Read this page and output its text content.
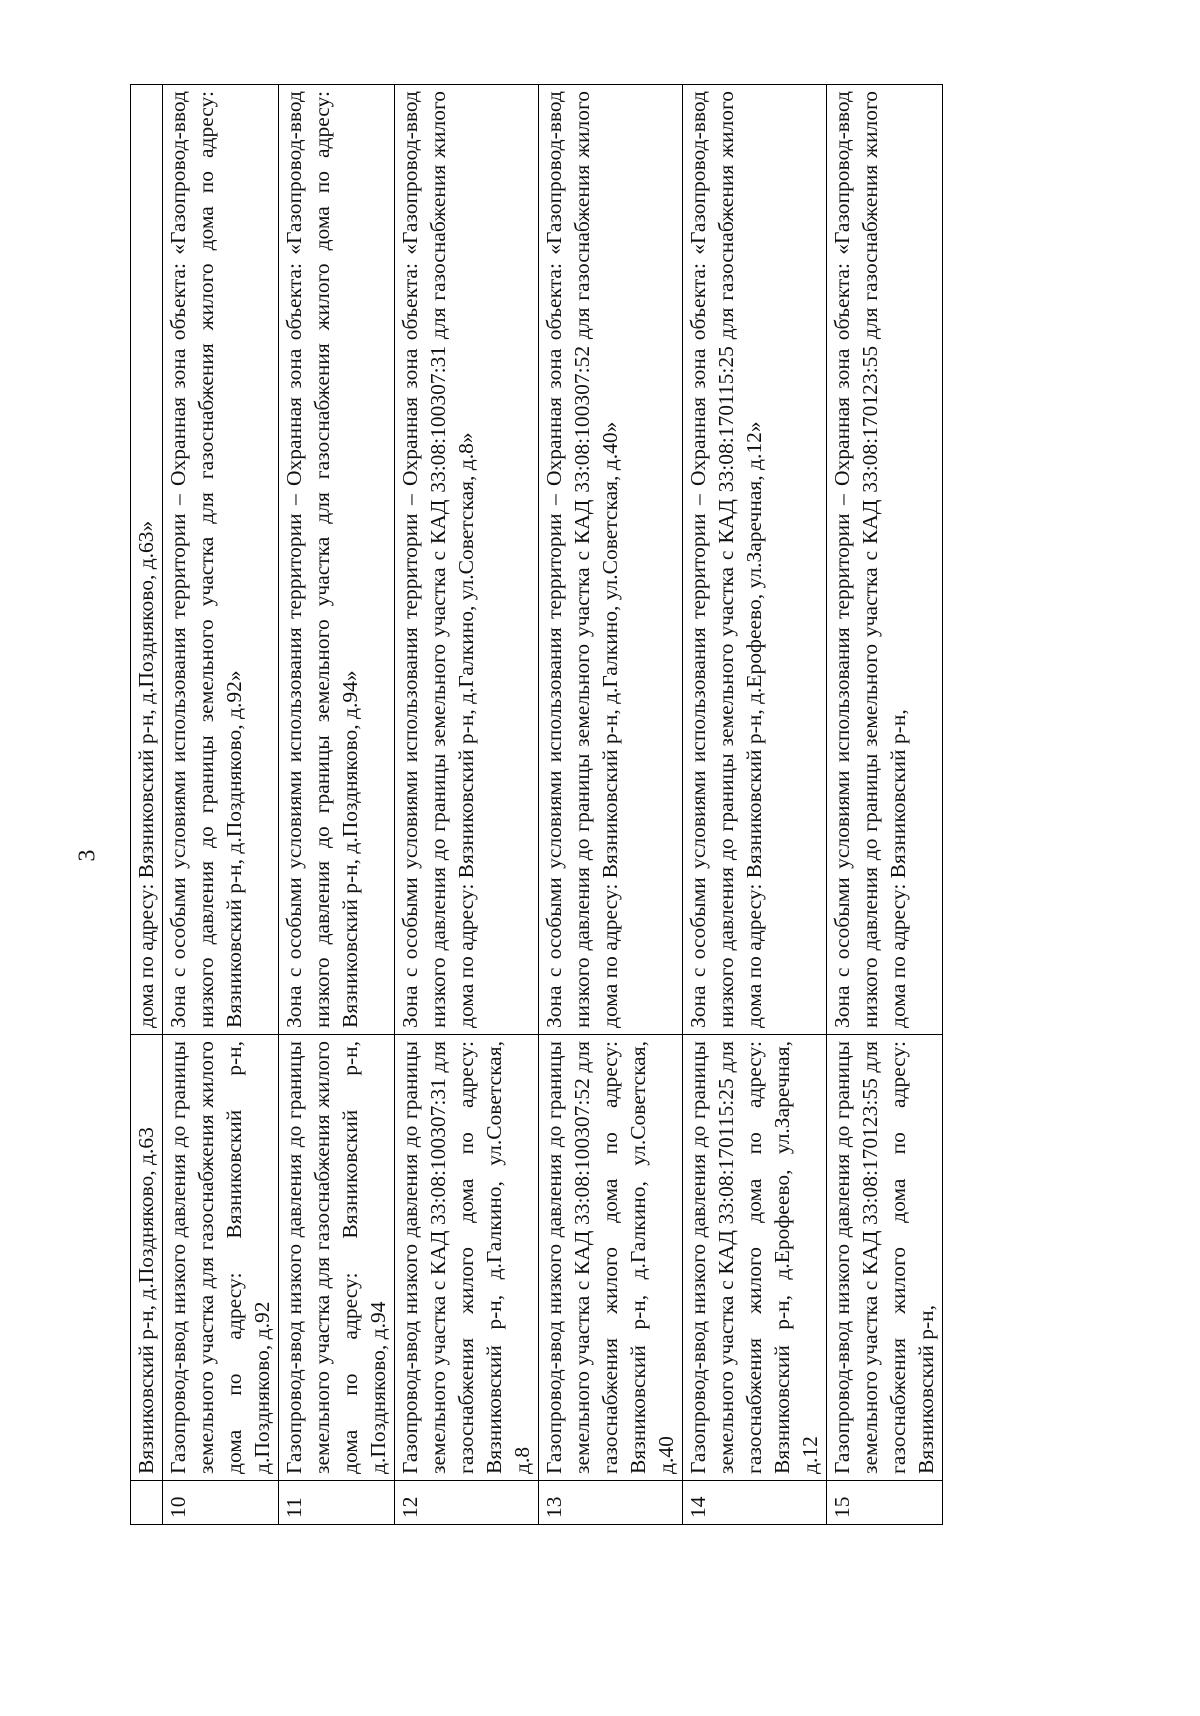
3
	Вязниковский р-н, д.Поздняково, д.63	дома по адресу: Вязниковский р-н, д.Поздняково, д.63»
10	Газопровод-ввод низкого давления до границы земельного участка для газоснабжения жилого дома по адресу: Вязниковский р-н, д.Поздняково, д.92	Зона с особыми условиями использования территории – Охранная зона объекта: «Газопровод-ввод низкого давления до границы земельного участка для газоснабжения жилого дома по адресу: Вязниковский р-н, д.Поздняково, д.92»
11	Газопровод-ввод низкого давления до границы земельного участка для газоснабжения жилого дома по адресу: Вязниковский р-н, д.Поздняково, д.94	Зона с особыми условиями использования территории – Охранная зона объекта: «Газопровод-ввод низкого давления до границы земельного участка для газоснабжения жилого дома по адресу: Вязниковский р-н, д.Поздняково, д.94»
12	Газопровод-ввод низкого давления до границы земельного участка с КАД 33:08:100307:31 для газоснабжения жилого дома по адресу: Вязниковский р-н, д.Галкино, ул.Советская, д.8	Зона с особыми условиями использования территории – Охранная зона объекта: «Газопровод-ввод низкого давления до границы земельного участка с КАД 33:08:100307:31 для газоснабжения жилого дома по адресу: Вязниковский р-н, д.Галкино, ул.Советская, д.8»
13	Газопровод-ввод низкого давления до границы земельного участка с КАД 33:08:100307:52 для газоснабжения жилого дома по адресу: Вязниковский р-н, д.Галкино, ул.Советская, д.40	Зона с особыми условиями использования территории – Охранная зона объекта: «Газопровод-ввод низкого давления до границы земельного участка с КАД 33:08:100307:52 для газоснабжения жилого дома по адресу: Вязниковский р-н, д.Галкино, ул.Советская, д.40»
14	Газопровод-ввод низкого давления до границы земельного участка с КАД 33:08:170115:25 для газоснабжения жилого дома по адресу: Вязниковский р-н, д.Ерофеево, ул.Заречная, д.12	Зона с особыми условиями использования территории – Охранная зона объекта: «Газопровод-ввод низкого давления до границы земельного участка с КАД 33:08:170115:25 для газоснабжения жилого дома по адресу: Вязниковский р-н, д.Ерофеево, ул.Заречная, д.12»
15	Газопровод-ввод низкого давления до границы земельного участка с КАД 33:08:170123:55 для газоснабжения жилого дома по адресу: Вязниковский р-н,	Зона с особыми условиями использования территории – Охранная зона объекта: «Газопровод-ввод низкого давления до границы земельного участка с КАД 33:08:170123:55 для газоснабжения жилого дома по адресу: Вязниковский р-н,
